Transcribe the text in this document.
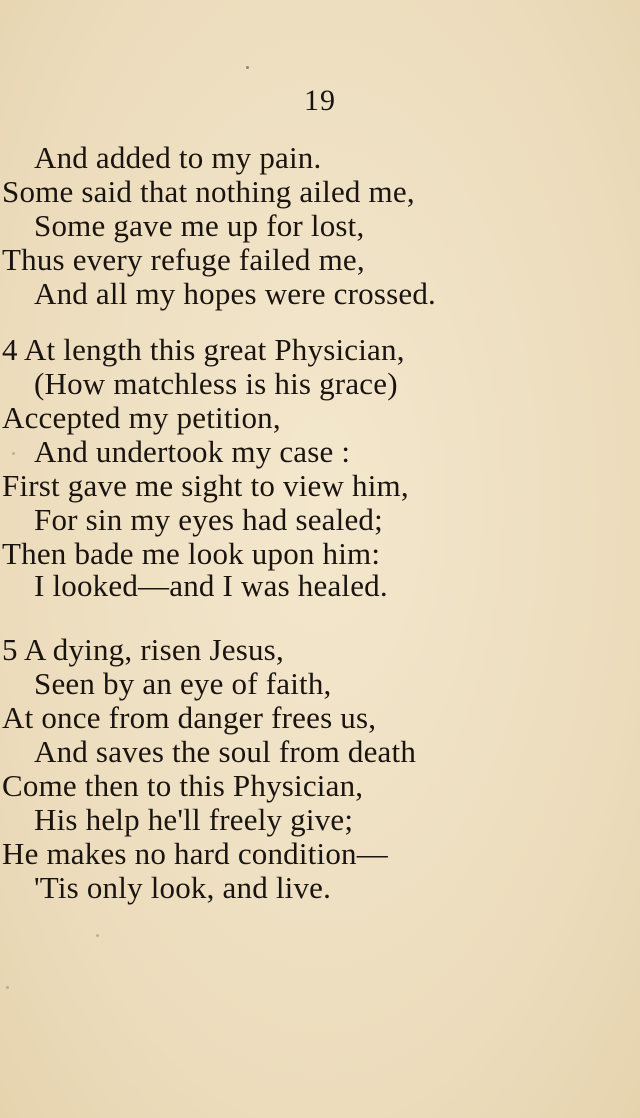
19
And added to my pain.
Some said that nothing ailed me,
Some gave me up for lost,
Thus every refuge failed me,
And all my hopes were crossed.
4 At length this great Physician,
(How matchless is his grace)
Accepted my petition,
And undertook my case :
First gave me sight to view him,
For sin my eyes had sealed;
Then bade me look upon him:
I looked—and I was healed.
5 A dying, risen Jesus,
Seen by an eye of faith,
At once from danger frees us,
And saves the soul from death
Come then to this Physician,
His help he'll freely give;
He makes no hard condition—
'Tis only look, and live.
